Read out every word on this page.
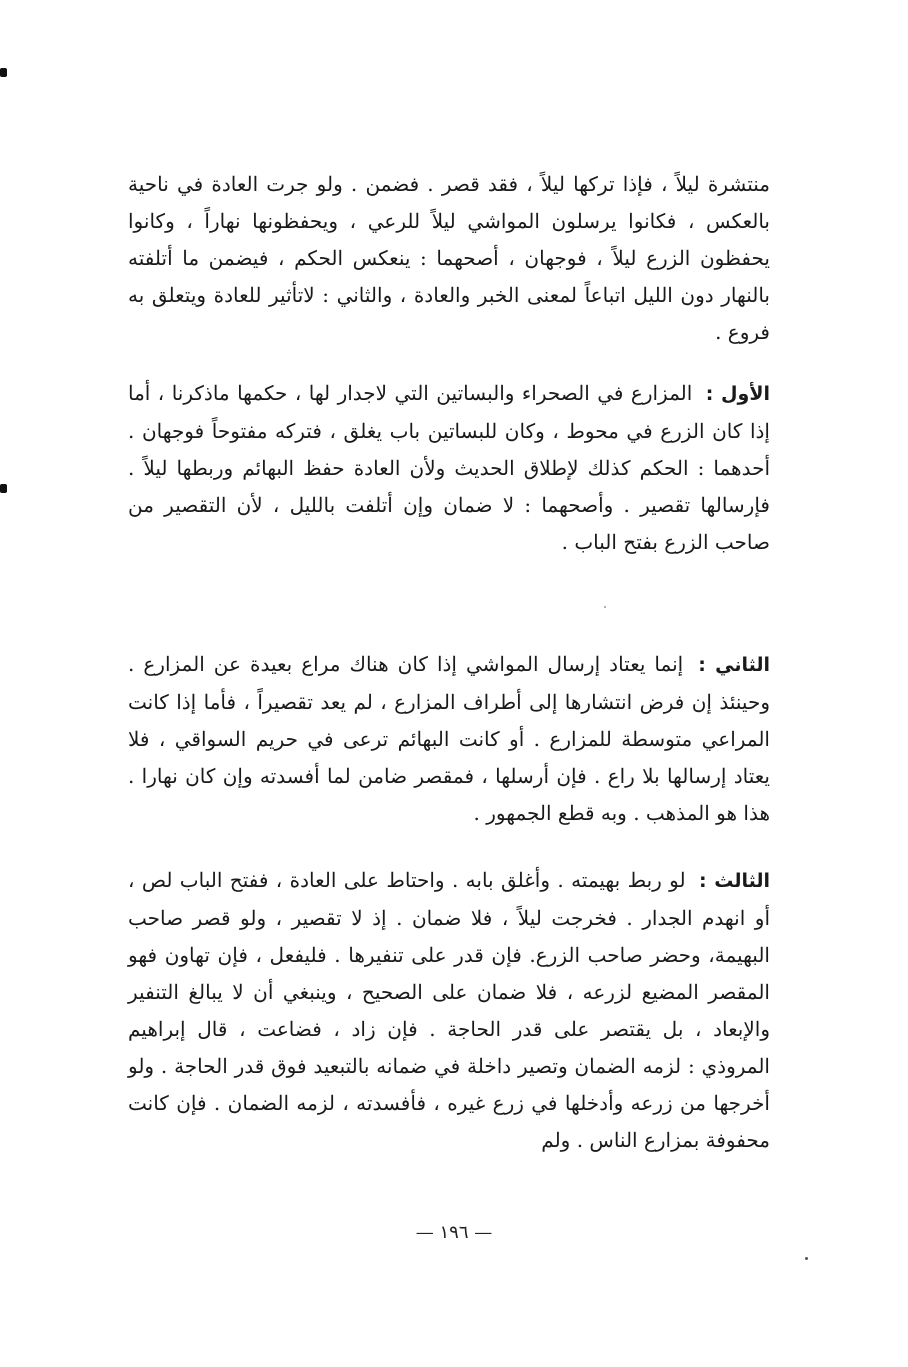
منتشرة ليلاً ، فإذا تركها ليلاً ، فقد قصر . فضمن . ولو جرت العادة في ناحية بالعكس ، فكانوا يرسلون المواشي ليلاً للرعي ، ويحفظونها نهاراً ، وكانوا يحفظون الزرع ليلاً ، فوجهان ، أصحهما : ينعكس الحكم ، فيضمن ما أتلفته بالنهار دون الليل اتباعاً لمعنى الخبر والعادة ، والثاني : لاتأثير للعادة ويتعلق به فروع .

الأول : المزارع في الصحراء والبساتين التي لاجدار لها ، حكمها ماذكرنا ، أما إذا كان الزرع في محوط ، وكان للبساتين باب يغلق ، فتركه مفتوحاً فوجهان . أحدهما : الحكم كذلك لإطلاق الحديث ولأن العادة حفظ البهائم وربطها ليلاً . فإرسالها تقصير . وأصحهما : لا ضمان وإن أتلفت بالليل ، لأن التقصير من صاحب الزرع بفتح الباب .

الثاني : إنما يعتاد إرسال المواشي إذا كان هناك مراع بعيدة عن المزارع . وحينئذ إن فرض انتشارها إلى أطراف المزارع ، لم يعد تقصيراً ، فأما إذا كانت المراعي متوسطة للمزارع . أو كانت البهائم ترعى في حريم السواقي ، فلا يعتاد إرسالها بلا راع . فإن أرسلها ، فمقصر ضامن لما أفسدته وإن كان نهارا . هذا هو المذهب . وبه قطع الجمهور .

الثالث : لو ربط بهيمته . وأغلق بابه . واحتاط على العادة ، ففتح الباب لص ، أو انهدم الجدار . فخرجت ليلاً ، فلا ضمان . إذ لا تقصير ، ولو قصر صاحب البهيمة، وحضر صاحب الزرع. فإن قدر على تنفيرها . فليفعل ، فإن تهاون فهو المقصر المضيع لزرعه ، فلا ضمان على الصحيح ، وينبغي أن لا يبالغ التنفير والإبعاد ، بل يقتصر على قدر الحاجة . فإن زاد ، فضاعت ، قال إبراهيم المروذي : لزمه الضمان وتصير داخلة في ضمانه بالتبعيد فوق قدر الحاجة . ولو أخرجها من زرعه وأدخلها في زرع غيره ، فأفسدته ، لزمه الضمان . فإن كانت محفوفة بمزارع الناس . ولم

— ١٩٦ —
